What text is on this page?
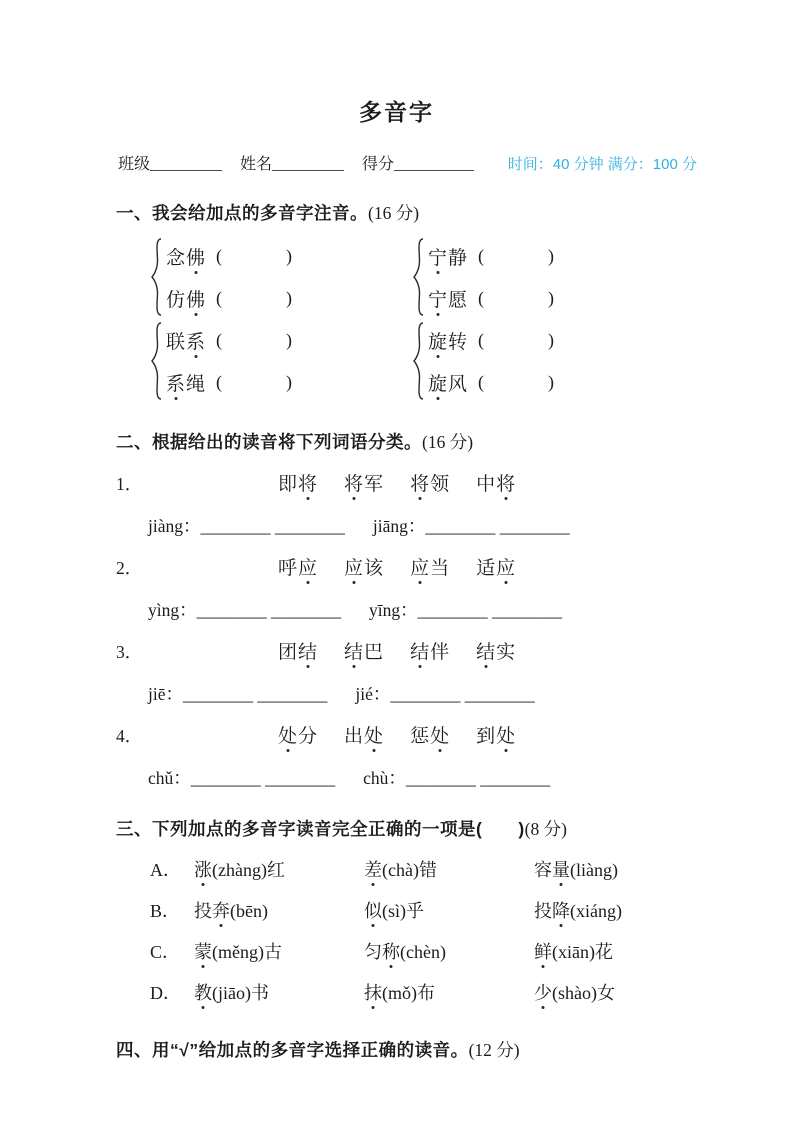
多音字
班级_________ 姓名_________ 得分__________ 时间：40 分钟 满分：100 分
一、我会给加点的多音字注音。(16 分)
念佛 (	)
仿佛 (	)
宁静 (	)
宁愿 (	)
联系 (	)
系绳 (	)
旋转 (	)
旋风 (	)
二、根据给出的读音将下列词语分类。(16 分)
1．	即将 将军 将领 中将
jiàng：________ ________ jiāng：________ ________
2．	呼应 应该 应当 适应
yìng：________ ________ yīng：________ ________
3．	团结 结巴 结伴 结实
jiē：________ ________ jié：________ ________
4．	处分 出处 惩处 到处
chǔ：________ ________ chù：________ ________
三、下列加点的多音字读音完全正确的一项是(　　)(8 分)
A． 涨(zhàng)红	差(chà)错	容量(liàng)
B． 投奔(bēn)	似(sì)乎	投降(xiáng)
C． 蒙(měng)古	匀称(chèn)	鲜(xiān)花
D． 教(jiāo)书	抹(mǒ)布	少(shào)女
四、用“√”给加点的多音字选择正确的读音。(12 分)
